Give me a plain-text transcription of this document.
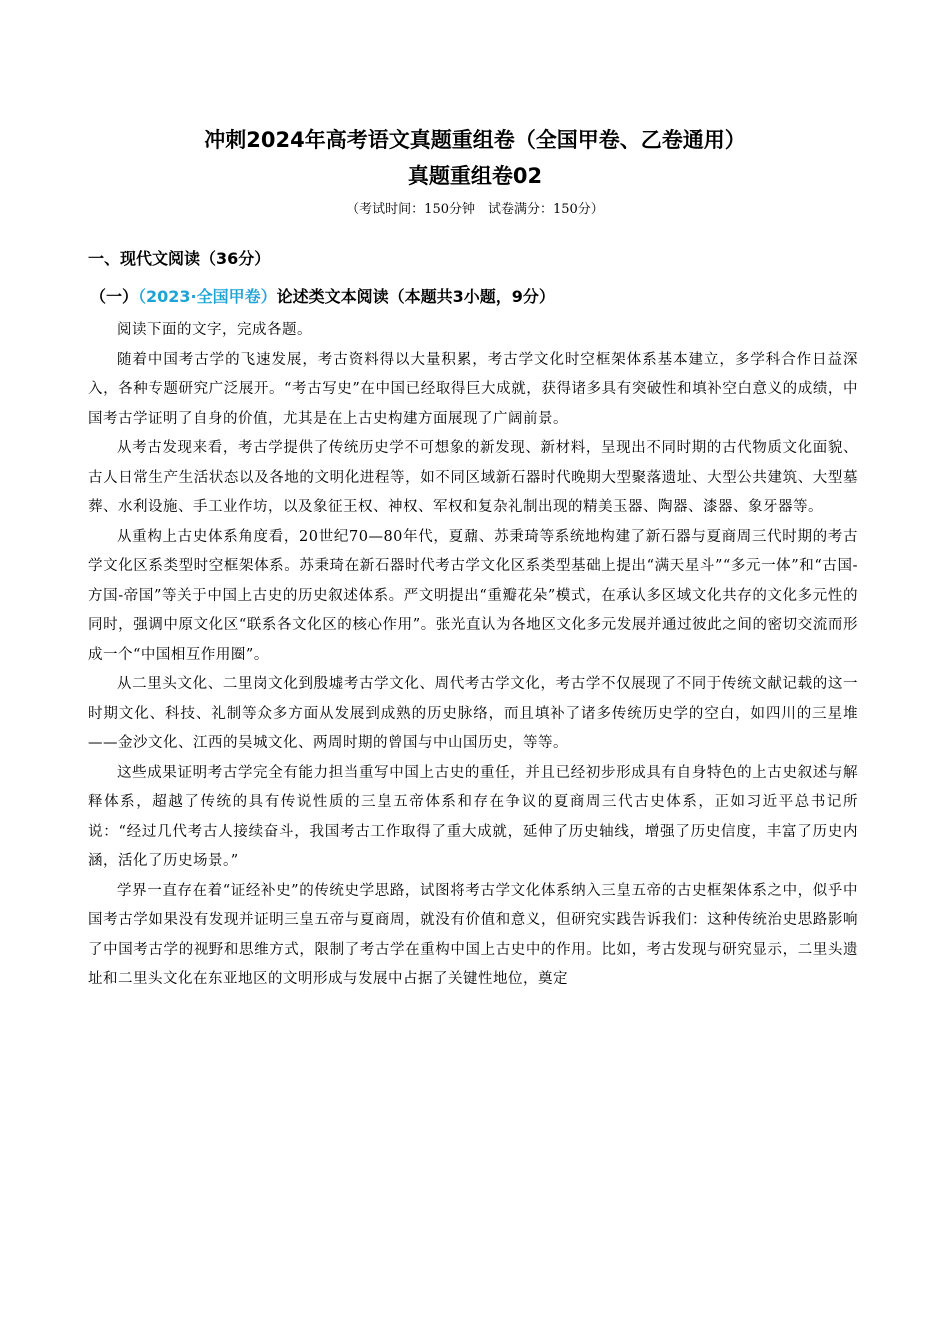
冲刺2024年高考语文真题重组卷（全国甲卷、乙卷通用）
真题重组卷02
（考试时间：150分钟　试卷满分：150分）
一、现代文阅读（36分）
（一）（2023·全国甲卷）论述类文本阅读（本题共3小题，9分）

阅读下面的文字，完成各题。

随着中国考古学的飞速发展，考古资料得以大量积累，考古学文化时空框架体系基本建立，多学科合作日益深入，各种专题研究广泛展开。“考古写史”在中国已经取得巨大成就，获得诸多具有突破性和填补空白意义的成绩，中国考古学证明了自身的价值，尤其是在上古史构建方面展现了广阔前景。

从考古发现来看，考古学提供了传统历史学不可想象的新发现、新材料，呈现出不同时期的古代物质文化面貌、古人日常生产生活状态以及各地的文明化进程等，如不同区域新石器时代晚期大型聚落遗址、大型公共建筑、大型墓葬、水利设施、手工业作坊，以及象征王权、神权、军权和复杂礼制出现的精美玉器、陶器、漆器、象牙器等。

从重构上古史体系角度看，20世纪70—80年代，夏鼐、苏秉琦等系统地构建了新石器与夏商周三代时期的考古学文化区系类型时空框架体系。苏秉琦在新石器时代考古学文化区系类型基础上提出“满天星斗”“多元一体”和“古国-方国-帝国”等关于中国上古史的历史叙述体系。严文明提出“重瓣花朵”模式，在承认多区域文化共存的文化多元性的同时，强调中原文化区“联系各文化区的核心作用”。张光直认为各地区文化多元发展并通过彼此之间的密切交流而形成一个“中国相互作用圈”。

从二里头文化、二里岗文化到殷墟考古学文化、周代考古学文化，考古学不仅展现了不同于传统文献记载的这一时期文化、科技、礼制等众多方面从发展到成熟的历史脉络，而且填补了诸多传统历史学的空白，如四川的三星堆——金沙文化、江西的吴城文化、两周时期的曾国与中山国历史，等等。

这些成果证明考古学完全有能力担当重写中国上古史的重任，并且已经初步形成具有自身特色的上古史叙述与解释体系，超越了传统的具有传说性质的三皇五帝体系和存在争议的夏商周三代古史体系，正如习近平总书记所说：“经过几代考古人接续奋斗，我国考古工作取得了重大成就，延伸了历史轴线，增强了历史信度，丰富了历史内涵，活化了历史场景。”

学界一直存在着“证经补史”的传统史学思路，试图将考古学文化体系纳入三皇五帝的古史框架体系之中，似乎中国考古学如果没有发现并证明三皇五帝与夏商周，就没有价值和意义，但研究实践告诉我们：这种传统治史思路影响了中国考古学的视野和思维方式，限制了考古学在重构中国上古史中的作用。比如，考古发现与研究显示，二里头遗址和二里头文化在东亚地区的文明形成与发展中占据了关键性地位，奠定
